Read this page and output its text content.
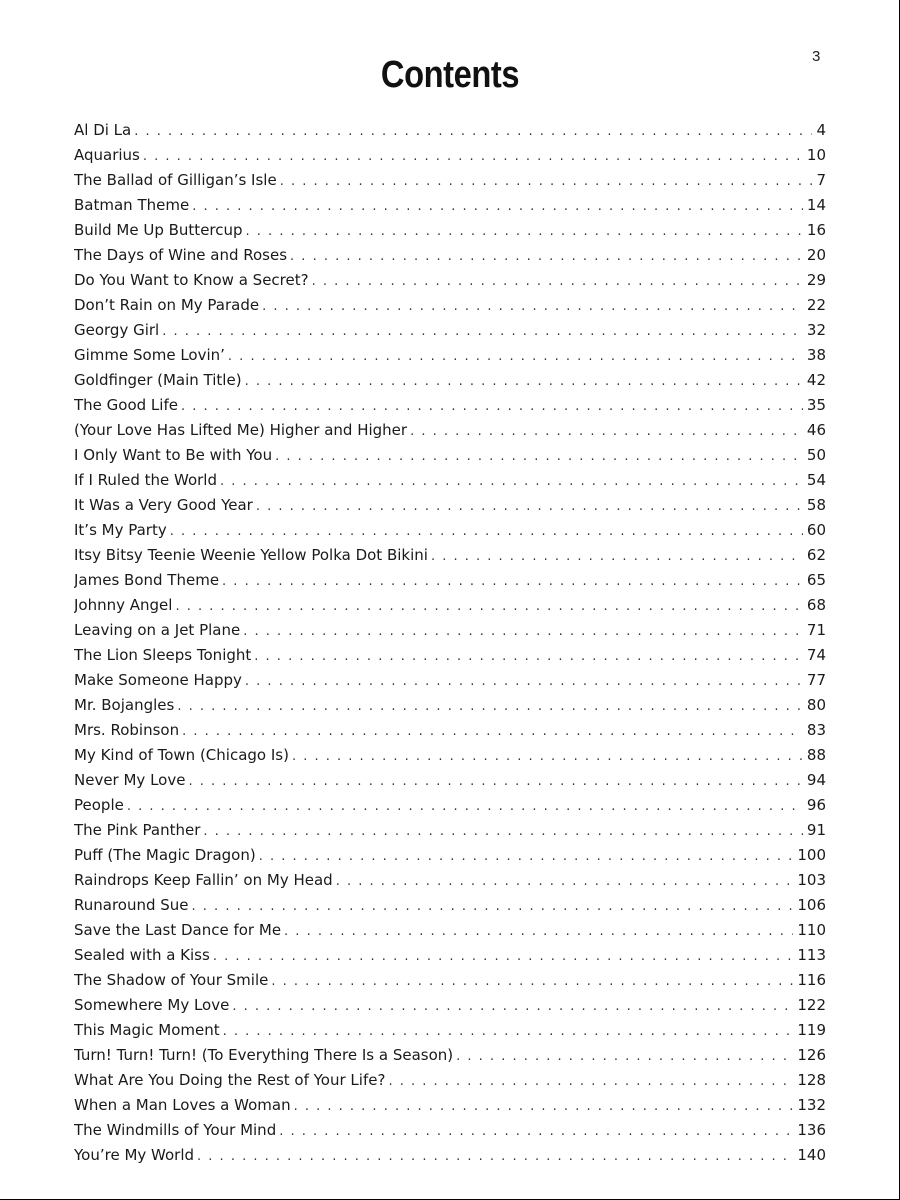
3
Contents
Al Di La . . .	4
Aquarius . . .	10
The Ballad of Gilligan’s Isle . . .	7
Batman Theme . . .	14
Build Me Up Buttercup . . .	16
The Days of Wine and Roses . . .	20
Do You Want to Know a Secret? . . .	29
Don’t Rain on My Parade . . .	22
Georgy Girl . . .	32
Gimme Some Lovin’ . . .	38
Goldfinger (Main Title) . . .	42
The Good Life . . .	35
(Your Love Has Lifted Me) Higher and Higher . . .	46
I Only Want to Be with You . . .	50
If I Ruled the World . . .	54
It Was a Very Good Year . . .	58
It’s My Party . . .	60
Itsy Bitsy Teenie Weenie Yellow Polka Dot Bikini . . .	62
James Bond Theme . . .	65
Johnny Angel . . .	68
Leaving on a Jet Plane . . .	71
The Lion Sleeps Tonight . . .	74
Make Someone Happy . . .	77
Mr. Bojangles . . .	80
Mrs. Robinson . . .	83
My Kind of Town (Chicago Is) . . .	88
Never My Love . . .	94
People . . .	96
The Pink Panther . . .	91
Puff (The Magic Dragon) . . .	100
Raindrops Keep Fallin’ on My Head . . .	103
Runaround Sue . . .	106
Save the Last Dance for Me . . .	110
Sealed with a Kiss . . .	113
The Shadow of Your Smile . . .	116
Somewhere My Love . . .	122
This Magic Moment . . .	119
Turn! Turn! Turn! (To Everything There Is a Season) . . .	126
What Are You Doing the Rest of Your Life? . . .	128
When a Man Loves a Woman . . .	132
The Windmills of Your Mind . . .	136
You’re My World . . .	140
